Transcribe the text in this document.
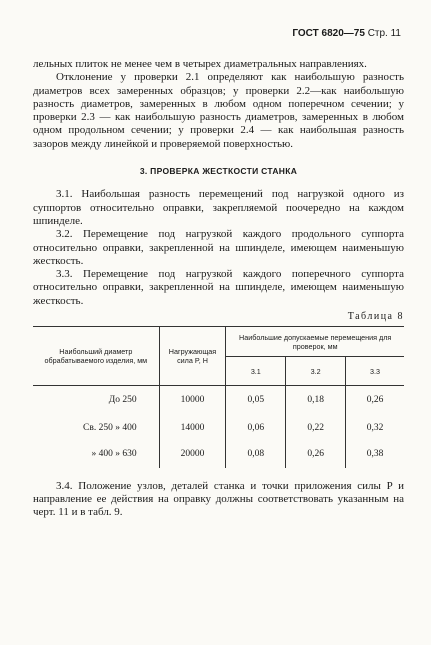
ГОСТ 6820—75 Стр. 11

лельных плиток не менее чем в четырех диаметральных направлениях.

Отклонение у проверки 2.1 определяют как наибольшую разность диаметров всех замеренных образцов; у проверки 2.2—как наибольшую разность диаметров, замеренных в любом одном поперечном сечении; у проверки 2.3 — как наибольшую разность диаметров, замеренных в любом одном продольном сечении; у проверки 2.4 — как наибольшая разность зазоров между линейкой и проверяемой поверхностью.

3. ПРОВЕРКА ЖЕСТКОСТИ СТАНКА

3.1. Наибольшая разность перемещений под нагрузкой одного из суппортов относительно оправки, закрепляемой поочередно на каждом шпинделе.

3.2. Перемещение под нагрузкой каждого продольного суппорта относительно оправки, закрепленной на шпинделе, имеющем наименьшую жесткость.

3.3. Перемещение под нагрузкой каждого поперечного суппорта относительно оправки, закрепленной на шпинделе, имеющем наименьшую жесткость.

Таблица 8

Наибольший диаметр обрабатываемого изделия, мм	Нагружающая сила P, Н	Наибольшие допускаемые перемещения для проверок, мм		
		3.1	3.2	3.3
До 250	10000	0,05	0,18	0,26
Св. 250 » 400	14000	0,06	0,22	0,32
» 400 » 630	20000	0,08	0,26	0,38

3.4. Положение узлов, деталей станка и точки приложения силы P и направление ее действия на оправку должны соответствовать указанным на черт. 11 и в табл. 9.
